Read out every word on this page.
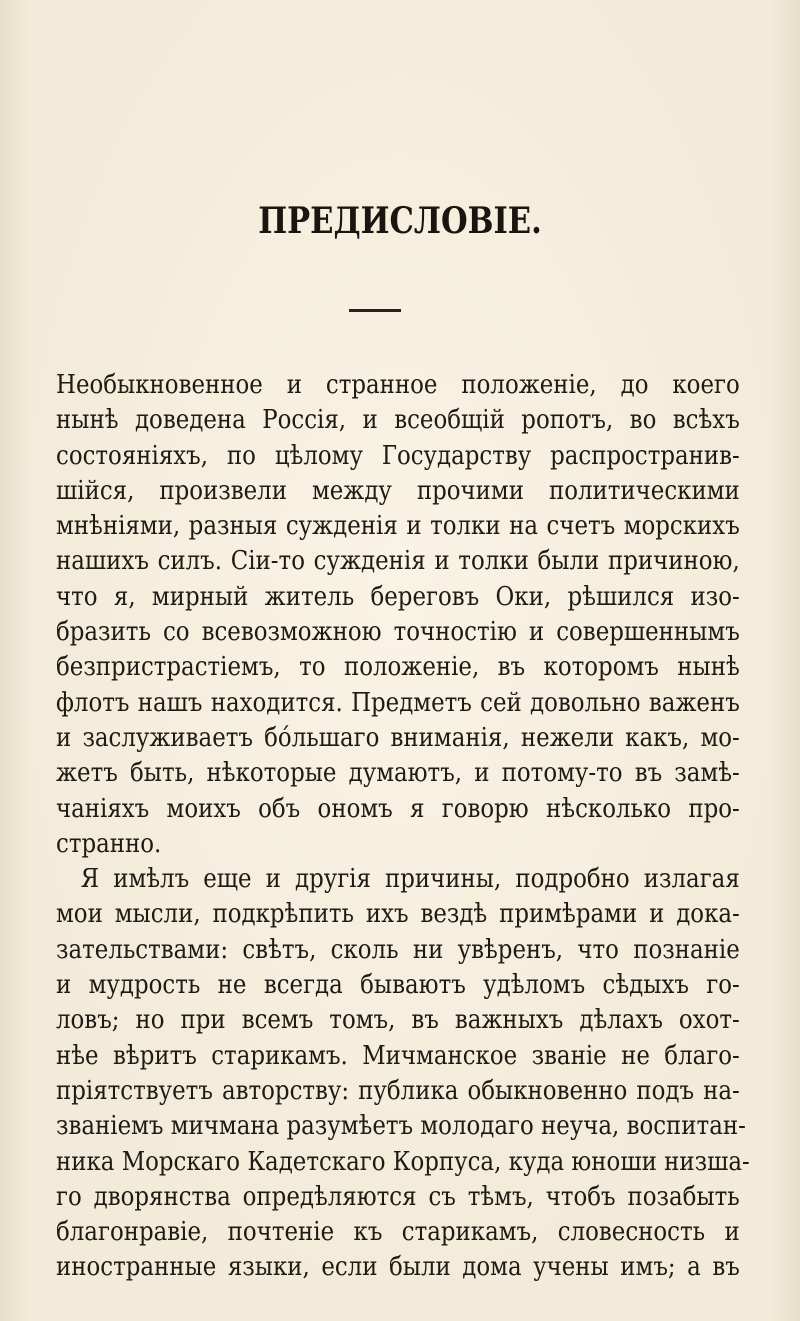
ПРЕДИСЛОВІЕ.
Необыкновенное и странное положеніе, до коего
нынѣ доведена Россія, и всеобщій ропотъ, во всѣхъ
состояніяхъ, по цѣлому Государству распространив-
шійся, произвели между прочими политическими
мнѣніями, разныя сужденія и толки на счетъ морскихъ
нашихъ силъ. Сіи-то сужденія и толки были причиною,
что я, мирный житель береговъ Оки, рѣшился изо-
бразить со всевозможною точностію и совершеннымъ
безпристрастіемъ, то положеніе, въ которомъ нынѣ
флотъ нашъ находится. Предметъ сей довольно важенъ
и заслуживаетъ бóльшаго вниманія, нежели какъ, мо-
жетъ быть, нѣкоторые думаютъ, и потому-то въ замѣ-
чаніяхъ моихъ объ ономъ я говорю нѣсколько про-
странно.
Я имѣлъ еще и другія причины, подробно излагая
мои мысли, подкрѣпить ихъ вездѣ примѣрами и дока-
зательствами: свѣтъ, сколь ни увѣренъ, что познаніе
и мудрость не всегда бываютъ удѣломъ сѣдыхъ го-
ловъ; но при всемъ томъ, въ важныхъ дѣлахъ охот-
нѣе вѣритъ старикамъ. Мичманское званіе не благо-
пріятствуетъ авторству: публика обыкновенно подъ на-
званіемъ мичмана разумѣетъ молодаго неуча, воспитан-
ника Морскаго Кадетскаго Корпуса, куда юноши низша-
го дворянства опредѣляются съ тѣмъ, чтобъ позабыть
благонравіе, почтеніе къ старикамъ, словесность и
иностранные языки, если были дома учены имъ; а въ
